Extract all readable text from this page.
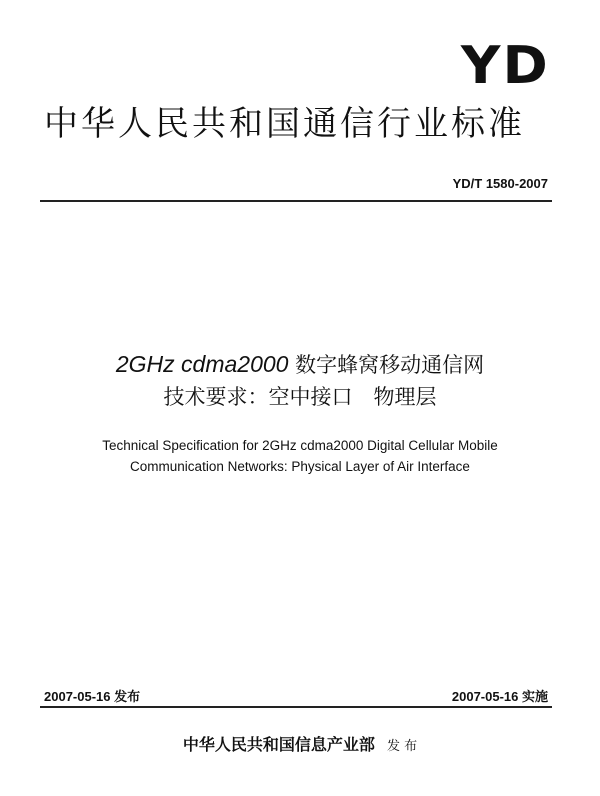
YD
中华人民共和国通信行业标准
YD/T 1580-2007
2GHz cdma2000 数字蜂窝移动通信网
技术要求：空中接口　物理层
Technical Specification for 2GHz cdma2000 Digital Cellular Mobile
Communication Networks: Physical Layer of Air Interface
2007-05-16 发布	2007-05-16 实施
中华人民共和国信息产业部 发 布
